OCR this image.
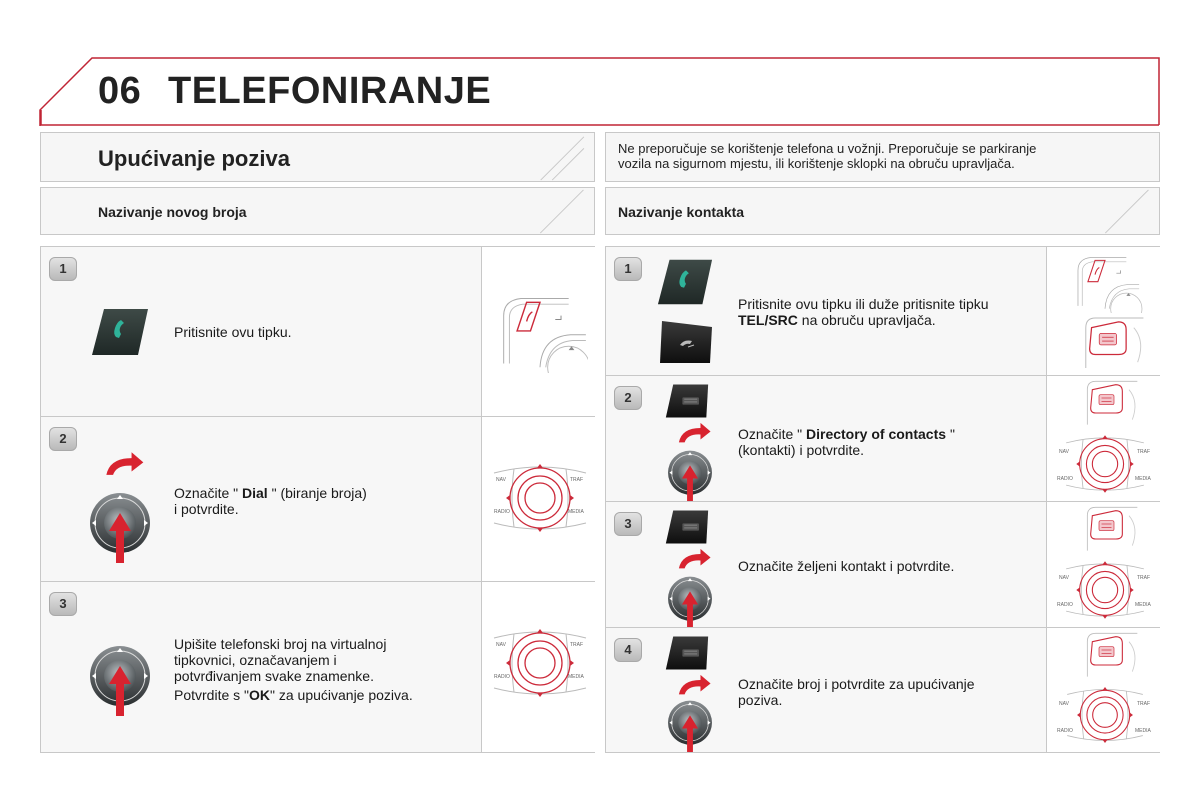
06 TELEFONIRANJE
Upućivanje poziva	Ne preporučuje se korištenje telefona u vožnji. Preporučuje se parkiranje
vozila na sigurnom mjestu, ili korištenje sklopki na obruču upravljača.
Nazivanje novog broja	Nazivanje kontakta
1
Pritisnite ovu tipku.
2
Označite " Dial " (biranje broja)
i potvrdite.
NAV	TRAF
RADIO	MEDIA
3
Upišite telefonski broj na virtualnoj
tipkovnici, označavanjem i
potvrđivanjem svake znamenke.
Potvrdite s "OK" za upućivanje poziva.
NAV	TRAF
RADIO	MEDIA
1
Pritisnite ovu tipku ili duže pritisnite tipku
TEL/SRC na obruču upravljača.
2
Označite " Directory of contacts "
(kontakti) i potvrdite.	NAV	TRAF
RADIO	MEDIA
3
Označite željeni kontakt i potvrdite.
NAV	TRAF
RADIO	MEDIA
4
Označite broj i potvrdite za upućivanje
poziva.	NAV	TRAF
RADIO	MEDIA
